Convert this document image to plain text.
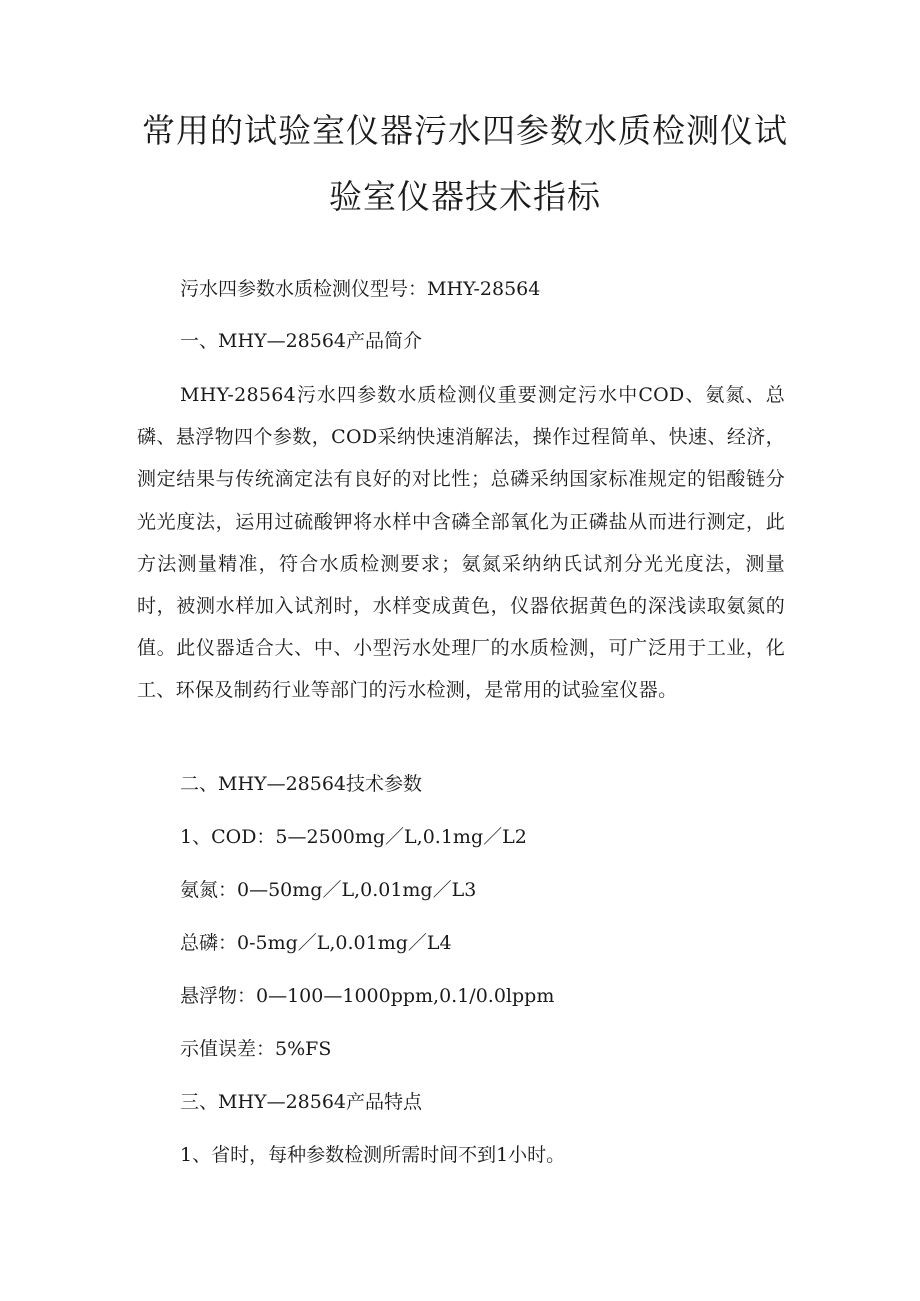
常用的试验室仪器污水四参数水质检测仪试
验室仪器技术指标

污水四参数水质检测仪型号：MHY-28564

一、MHY—28564产品简介

MHY-28564污水四参数水质检测仪重要测定污水中COD、氨氮、总磷、悬浮物四个参数，COD采纳快速消解法，操作过程简单、快速、经济，测定结果与传统滴定法有良好的对比性；总磷采纳国家标准规定的铝酸链分光光度法，运用过硫酸钾将水样中含磷全部氧化为正磷盐从而进行测定，此方法测量精准，符合水质检测要求；氨氮采纳纳氏试剂分光光度法，测量时，被测水样加入试剂时，水样变成黄色，仪器依据黄色的深浅读取氨氮的值。此仪器适合大、中、小型污水处理厂的水质检测，可广泛用于工业，化工、环保及制药行业等部门的污水检测，是常用的试验室仪器。

二、MHY—28564技术参数

1、COD：5—2500mg／L,0.1mg／L2

氨氮：0—50mg／L,0.01mg／L3

总磷：0-5mg／L,0.01mg／L4

悬浮物：0—100—1000ppm,0.1/0.0lppm

示值误差：5%FS

三、MHY—28564产品特点

1、省时，每种参数检测所需时间不到1小时。
